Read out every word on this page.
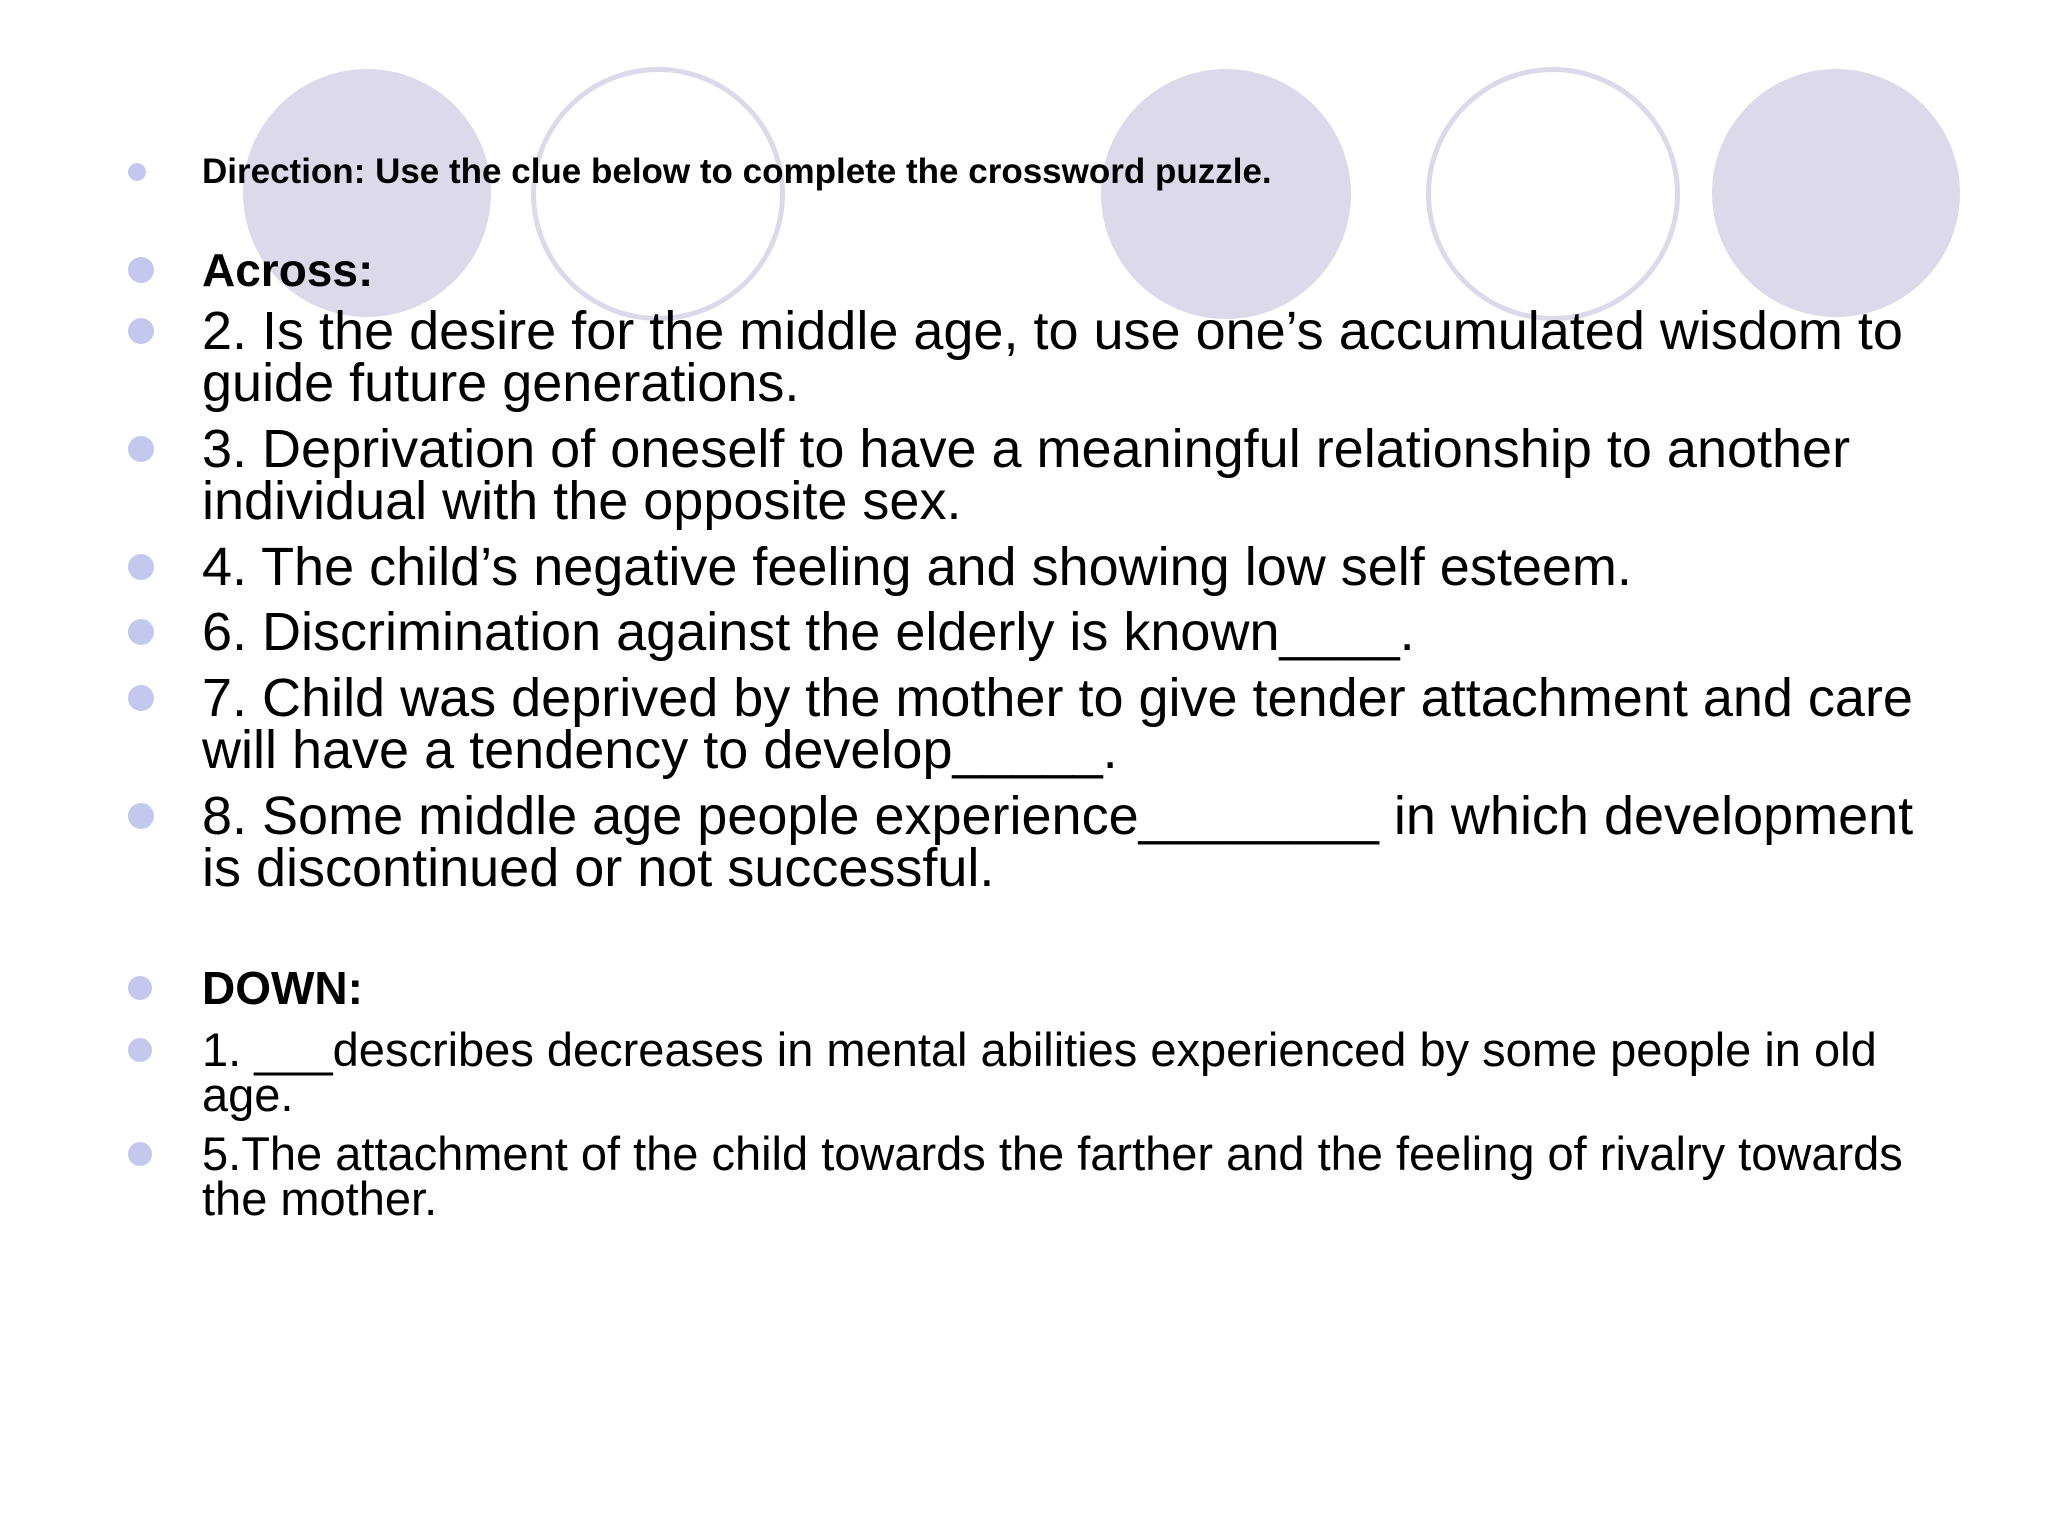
Direction: Use the clue below to complete the crossword puzzle.
Across:
2. Is the desire for the middle age, to use one’s accumulated wisdom to guide future generations.
3. Deprivation of oneself to have a meaningful relationship to another individual with the opposite sex.
4. The child’s negative feeling and showing low self esteem.
6. Discrimination against the elderly is known____.
7. Child was deprived by the mother to give tender attachment and care will have a tendency to develop_____.
8. Some middle age people experience________ in which development is discontinued or not successful.
DOWN:
1. ___describes decreases in mental abilities experienced by some people in old age.
5.The attachment of the child towards the farther and the feeling of rivalry towards the mother.
